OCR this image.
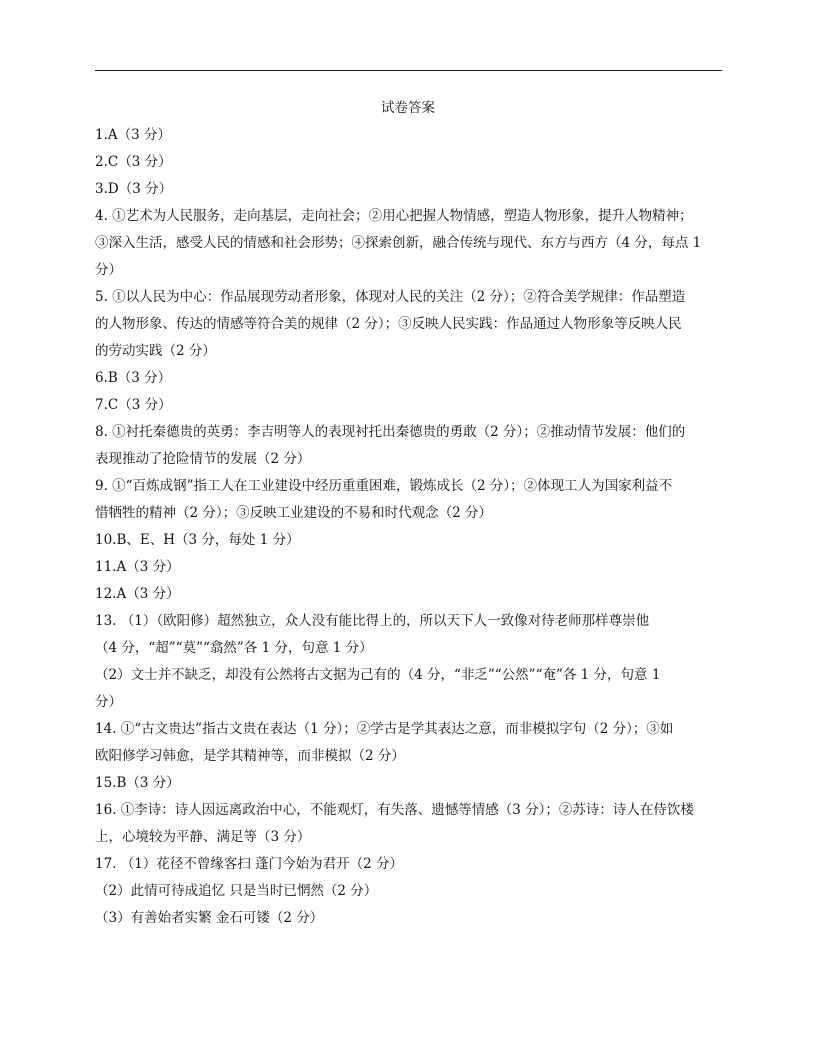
试卷答案
1.A（3 分）
2.C（3 分）
3.D（3 分）
4. ①艺术为人民服务，走向基层，走向社会；②用心把握人物情感，塑造人物形象，提升人物精神；
③深入生活，感受人民的情感和社会形势；④探索创新，融合传统与现代、东方与西方（4 分，每点 1
分）
5. ①以人民为中心：作品展现劳动者形象，体现对人民的关注（2 分）；②符合美学规律：作品塑造
的人物形象、传达的情感等符合美的规律（2 分）；③反映人民实践：作品通过人物形象等反映人民
的劳动实践（2 分）
6.B（3 分）
7.C（3 分）
8. ①衬托秦德贵的英勇：李吉明等人的表现衬托出秦德贵的勇敢（2 分）；②推动情节发展：他们的
表现推动了抢险情节的发展（2 分）
9. ①“百炼成钢”指工人在工业建设中经历重重困难，锻炼成长（2 分）；②体现工人为国家利益不
惜牺牲的精神（2 分）；③反映工业建设的不易和时代观念（2 分）
10.B、E、H（3 分，每处 1 分）
11.A（3 分）
12.A（3 分）
13. （1）（欧阳修）超然独立，众人没有能比得上的，所以天下人一致像对待老师那样尊崇他
（4 分，“超”“莫”“翕然”各 1 分，句意 1 分）
（2）文士并不缺乏，却没有公然将古文据为己有的（4 分，“非乏”“公然”“奄”各 1 分，句意 1
分）
14. ①“古文贵达”指古文贵在表达（1 分）；②学古是学其表达之意，而非模拟字句（2 分）；③如
欧阳修学习韩愈，是学其精神等，而非模拟（2 分）
15.B（3 分）
16. ①李诗：诗人因远离政治中心，不能观灯，有失落、遗憾等情感（3 分）；②苏诗：诗人在侍饮楼
上，心境较为平静、满足等（3 分）
17. （1）花径不曾缘客扫 蓬门今始为君开（2 分）
（2）此情可待成追忆 只是当时已惘然（2 分）
（3）有善始者实繁 金石可镂（2 分）
